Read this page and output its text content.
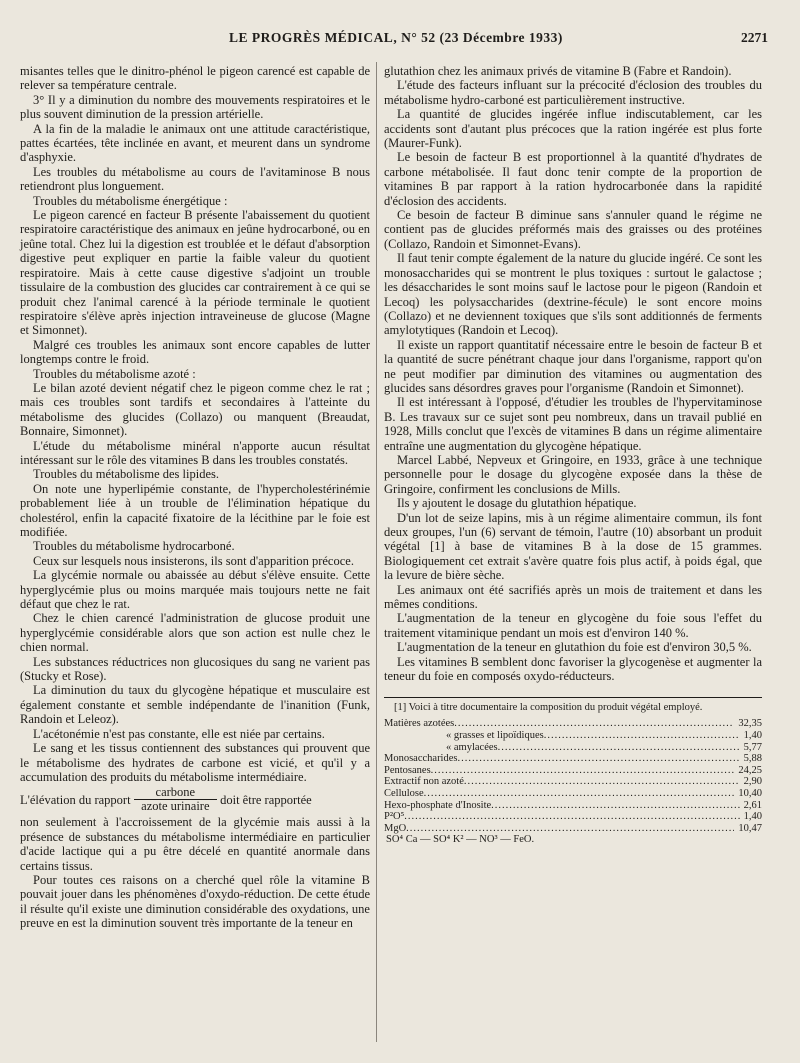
LE PROGRÈS MÉDICAL, N° 52 (23 Décembre 1933)	2271

misantes telles que le dinitro-phénol le pigeon carencé est capable de relever sa température centrale.

3° Il y a diminution du nombre des mouvements respiratoires et le plus souvent diminution de la pression artérielle.

A la fin de la maladie le animaux ont une attitude caractéristique, pattes écartées, tête inclinée en avant, et meurent dans un syndrome d'asphyxie.

Les troubles du métabolisme au cours de l'avitaminose B nous retiendront plus longuement.

Troubles du métabolisme énergétique :

Le pigeon carencé en facteur B présente l'abaissement du quotient respiratoire caractéristique des animaux en jeûne hydrocarboné, ou en jeûne total. Chez lui la digestion est troublée et le défaut d'absorption digestive peut expliquer en partie la faible valeur du quotient respiratoire. Mais à cette cause digestive s'adjoint un trouble tissulaire de la combustion des glucides car contrairement à ce qui se produit chez l'animal carencé à la période terminale le quotient respiratoire s'élève après injection intraveineuse de glucose (Magne et Simonnet).

Malgré ces troubles les animaux sont encore capables de lutter longtemps contre le froid.

Troubles du métabolisme azoté :

Le bilan azoté devient négatif chez le pigeon comme chez le rat ; mais ces troubles sont tardifs et secondaires à l'atteinte du métabolisme des glucides (Collazo) ou manquent (Breaudat, Bonnaire, Simonnet).

L'étude du métabolisme minéral n'apporte aucun résultat intéressant sur le rôle des vitamines B dans les troubles constatés.

Troubles du métabolisme des lipides.

On note une hyperlipémie constante, de l'hypercholestérinémie probablement liée à un trouble de l'élimination hépatique du cholestérol, enfin la capacité fixatoire de la lécithine par le foie est modifiée.

Troubles du métabolisme hydrocarboné.

Ceux sur lesquels nous insisterons, ils sont d'apparition précoce.

La glycémie normale ou abaissée au début s'élève ensuite. Cette hyperglycémie plus ou moins marquée mais toujours nette ne fait défaut que chez le rat.

Chez le chien carencé l'administration de glucose produit une hyperglycémie considérable alors que son action est nulle chez le chien normal.

Les substances réductrices non glucosiques du sang ne varient pas (Stucky et Rose).

La diminution du taux du glycogène hépatique et musculaire est également constante et semble indépendante de l'inanition (Funk, Randoin et Leleoz).

L'acétonémie n'est pas constante, elle est niée par certains.

Le sang et les tissus contiennent des substances qui prouvent que le métabolisme des hydrates de carbone est vicié, et qu'il y a accumulation des produits du métabolisme intermédiaire.

L'élévation du rapport $\frac{\text{carbone}}{\text{azote urinaire}}$ doit être rapportée

non seulement à l'accroissement de la glycémie mais aussi à la présence de substances du métabolisme intermédiaire en particulier d'acide lactique qui a pu être décelé en quantité anormale dans certains tissus.

Pour toutes ces raisons on a cherché quel rôle la vitamine B pouvait jouer dans les phénomènes d'oxydo-réduction. De cette étude il résulte qu'il existe une diminution considérable des oxydations, une preuve en est la diminution souvent très importante de la teneur en

glutathion chez les animaux privés de vitamine B (Fabre et Randoin).

L'étude des facteurs influant sur la précocité d'éclosion des troubles du métabolisme hydro-carboné est particulièrement instructive.

La quantité de glucides ingérée influe indiscutablement, car les accidents sont d'autant plus précoces que la ration ingérée est plus forte (Maurer-Funk).

Le besoin de facteur B est proportionnel à la quantité d'hydrates de carbone métabolisée. Il faut donc tenir compte de la proportion de vitamines B par rapport à la ration hydrocarbonée dans la rapidité d'éclosion des accidents.

Ce besoin de facteur B diminue sans s'annuler quand le régime ne contient pas de glucides préformés mais des graisses ou des protéines (Collazo, Randoin et Simonnet-Evans).

Il faut tenir compte également de la nature du glucide ingéré. Ce sont les monosaccharides qui se montrent le plus toxiques : surtout le galactose ; les désaccharides le sont moins sauf le lactose pour le pigeon (Randoin et Lecoq) les polysaccharides (dextrine-fécule) le sont encore moins (Collazo) et ne deviennent toxiques que s'ils sont additionnés de ferments amylotytiques (Randoin et Lecoq).

Il existe un rapport quantitatif nécessaire entre le besoin de facteur B et la quantité de sucre pénétrant chaque jour dans l'organisme, rapport qu'on ne peut modifier par diminution des vitamines ou augmentation des glucides sans désordres graves pour l'organisme (Randoin et Simonnet).

Il est intéressant à l'opposé, d'étudier les troubles de l'hypervitaminose B. Les travaux sur ce sujet sont peu nombreux, dans un travail publié en 1928, Mills conclut que l'excès de vitamines B dans un régime alimentaire entraîne une augmentation du glycogène hépatique.

Marcel Labbé, Nepveux et Gringoire, en 1933, grâce à une technique personnelle pour le dosage du glycogène exposée dans la thèse de Gringoire, confirment les conclusions de Mills.

Ils y ajoutent le dosage du glutathion hépatique.

D'un lot de seize lapins, mis à un régime alimentaire commun, ils font deux groupes, l'un (6) servant de témoin, l'autre (10) absorbant un produit végétal [1] à base de vitamines B à la dose de 15 grammes. Biologiquement cet extrait s'avère quatre fois plus actif, à poids égal, que la levure de bière sèche.

Les animaux ont été sacrifiés après un mois de traitement et dans les mêmes conditions.

L'augmentation de la teneur en glycogène du foie sous l'effet du traitement vitaminique pendant un mois est d'environ 140 %.

L'augmentation de la teneur en glutathion du foie est d'environ 30,5 %.

Les vitamines B semblent donc favoriser la glycogenèse et augmenter la teneur du foie en composés oxydo-réducteurs.

[1] Voici à titre documentaire la composition du produit végétal employé.
Matières azotées .....	32,35
« grasses et lipoïdiques .....	1,40
« amylacées .....	5,77
Monosaccharides .....	5,88
Pentosanes .....	24,25
Extractif non azoté .....	2,90
Cellulose .....	10,40
Hexo-phosphate d'Inosite .....	2,61
P²O⁵ .....	1,40
MgO .....	10,47
SO⁴ Ca — SO⁴ K² — NO³ — FeO.
